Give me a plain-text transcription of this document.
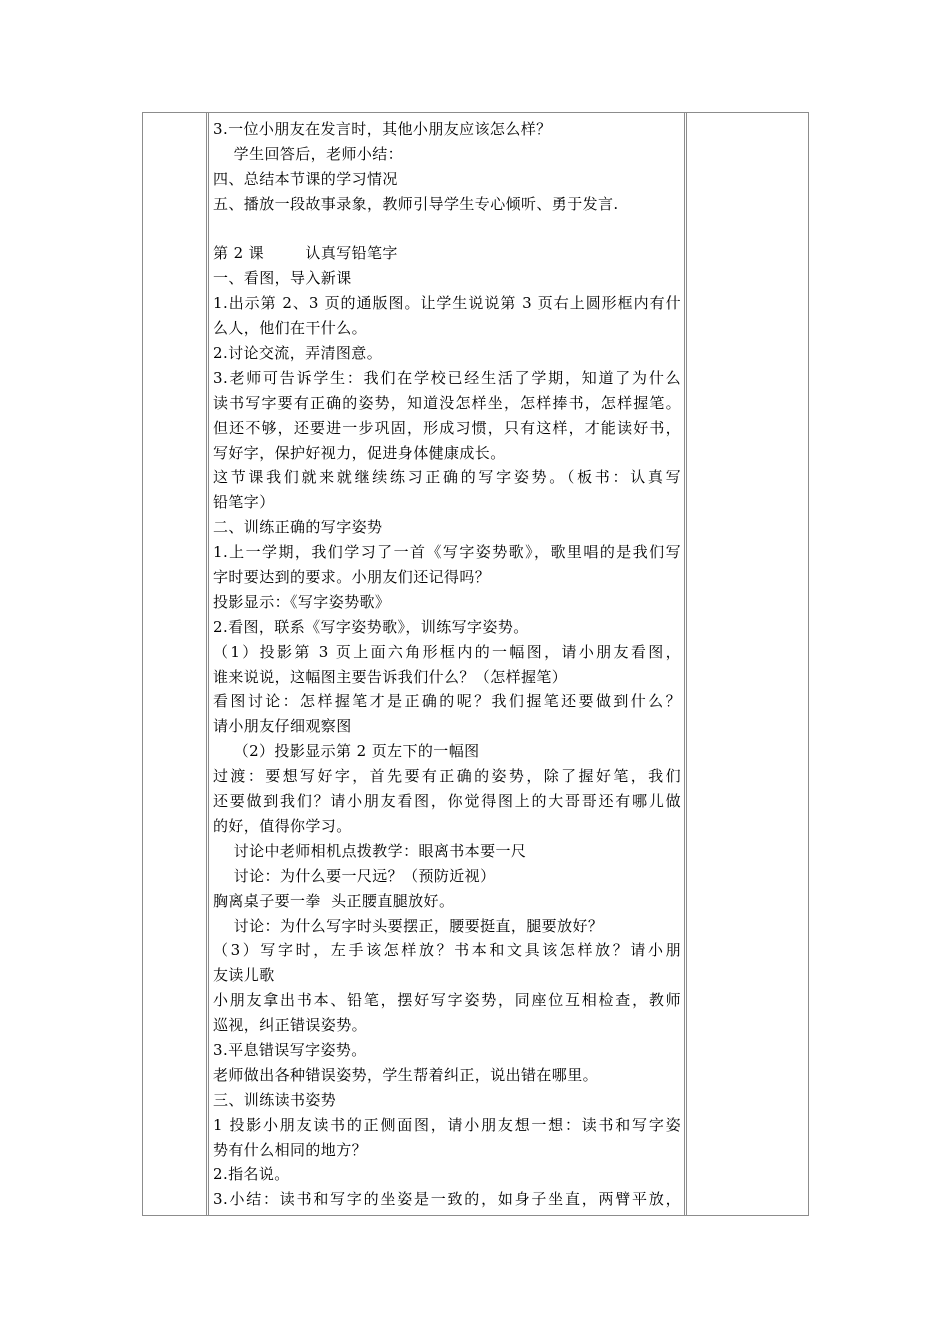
3.一位小朋友在发言时，其他小朋友应该怎么样？
学生回答后，老师小结：
四、总结本节课的学习情况
五、播放一段故事录象，教师引导学生专心倾听、勇于发言.
第 2 课        认真写铅笔字
一、看图，导入新课
1.出示第 2、3 页的通版图。让学生说说第 3 页右上圆形框内有什
么人，他们在干什么。
2.讨论交流，弄清图意。
3.老师可告诉学生：我们在学校已经生活了学期，知道了为什么
读书写字要有正确的姿势，知道没怎样坐，怎样捧书，怎样握笔。
但还不够，还要进一步巩固，形成习惯，只有这样，才能读好书，
写好字，保护好视力，促进身体健康成长。
这节课我们就来就继续练习正确的写字姿势。（板书：认真写
铅笔字）
二、训练正确的写字姿势
1.上一学期，我们学习了一首《写字姿势歌》，歌里唱的是我们写
字时要达到的要求。小朋友们还记得吗？
投影显示：《写字姿势歌》
2.看图，联系《写字姿势歌》，训练写字姿势。
（1）投影第 3 页上面六角形框内的一幅图，请小朋友看图，
谁来说说，这幅图主要告诉我们什么？（怎样握笔）
看图讨论：怎样握笔才是正确的呢？我们握笔还要做到什么？
请小朋友仔细观察图
（2）投影显示第 2 页左下的一幅图
过渡：要想写好字，首先要有正确的姿势，除了握好笔，我们
还要做到我们？请小朋友看图，你觉得图上的大哥哥还有哪儿做
的好，值得你学习。
讨论中老师相机点拨教学：眼离书本要一尺
讨论：为什么要一尺远？（预防近视）
胸离桌子要一拳  头正腰直腿放好。
讨论：为什么写字时头要摆正，腰要挺直，腿要放好？
（3）写字时，左手该怎样放？书本和文具该怎样放？请小朋
友读儿歌
小朋友拿出书本、铅笔，摆好写字姿势，同座位互相检查，教师
巡视，纠正错误姿势。
3.平息错误写字姿势。
老师做出各种错误姿势，学生帮着纠正，说出错在哪里。
三、训练读书姿势
1 投影小朋友读书的正侧面图，请小朋友想一想：读书和写字姿
势有什么相同的地方？
2.指名说。
3.小结：读书和写字的坐姿是一致的，如身子坐直，两臂平放，
